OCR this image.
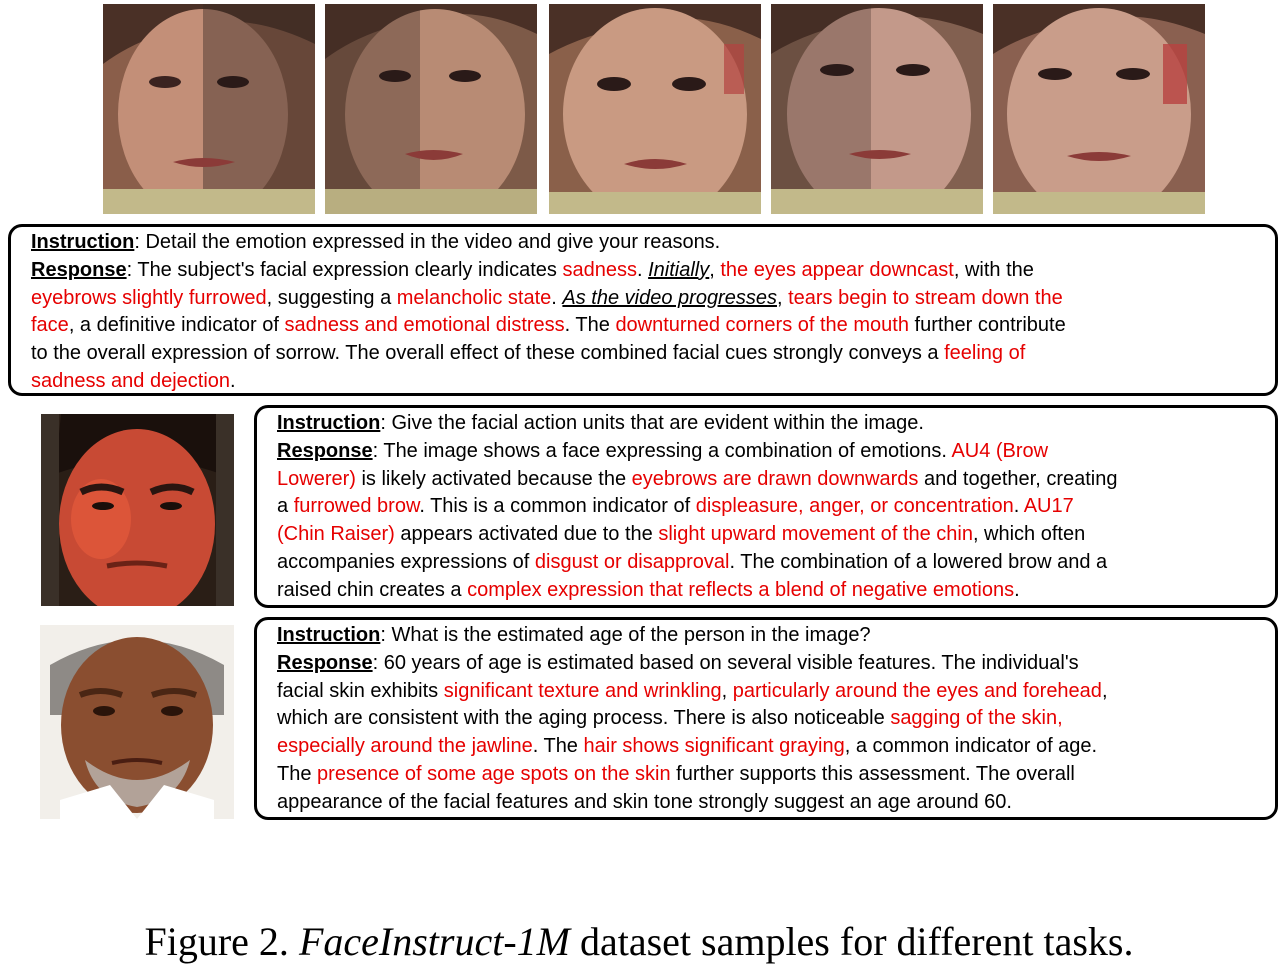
Instruction: Detail the emotion expressed in the video and give your reasons.
Response: The subject's facial expression clearly indicates sadness. Initially, the eyes appear downcast, with the
eyebrows slightly furrowed, suggesting a melancholic state. As the video progresses, tears begin to stream down the
face, a definitive indicator of sadness and emotional distress. The downturned corners of the mouth further contribute
to the overall expression of sorrow. The overall effect of these combined facial cues strongly conveys a feeling of
sadness and dejection.
Instruction: Give the facial action units that are evident within the image.
Response: The image shows a face expressing a combination of emotions. AU4 (Brow
Lowerer) is likely activated because the eyebrows are drawn downwards and together, creating
a furrowed brow. This is a common indicator of displeasure, anger, or concentration. AU17
(Chin Raiser) appears activated due to the slight upward movement of the chin, which often
accompanies expressions of disgust or disapproval. The combination of a lowered brow and a
raised chin creates a complex expression that reflects a blend of negative emotions.
Instruction: What is the estimated age of the person in the image?
Response: 60 years of age is estimated based on several visible features. The individual's
facial skin exhibits significant texture and wrinkling, particularly around the eyes and forehead,
which are consistent with the aging process. There is also noticeable sagging of the skin,
especially around the jawline. The hair shows significant graying, a common indicator of age.
The presence of some age spots on the skin further supports this assessment. The overall
appearance of the facial features and skin tone strongly suggest an age around 60.
Figure 2. FaceInstruct-1M dataset samples for different tasks.
